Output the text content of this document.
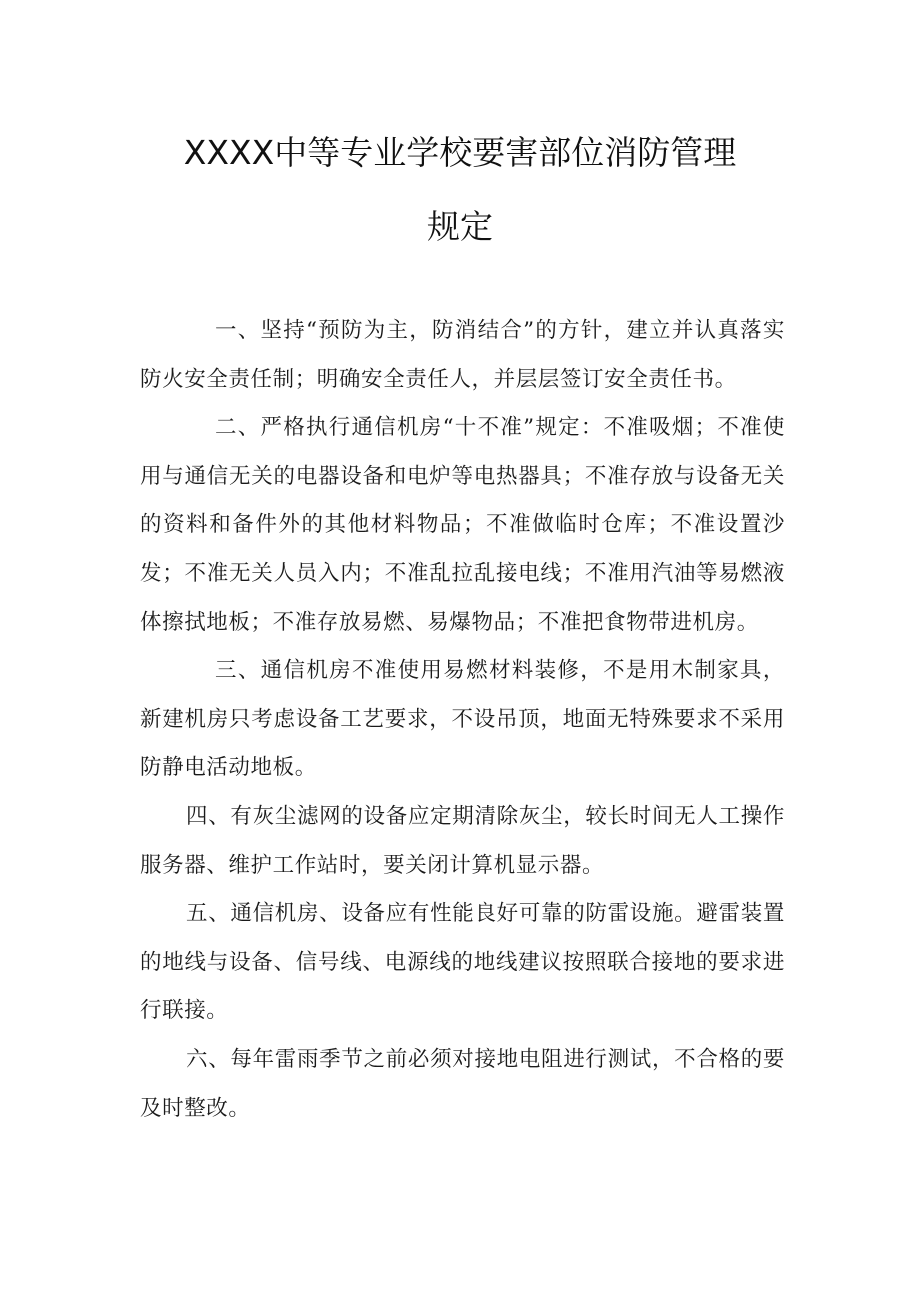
XXXX中等专业学校要害部位消防管理
规定

一、坚持“预防为主，防消结合”的方针，建立并认真落实防火安全责任制；明确安全责任人，并层层签订安全责任书。

二、严格执行通信机房“十不准”规定：不准吸烟；不准使用与通信无关的电器设备和电炉等电热器具；不准存放与设备无关的资料和备件外的其他材料物品；不准做临时仓库；不准设置沙发；不准无关人员入内；不准乱拉乱接电线；不准用汽油等易燃液体擦拭地板；不准存放易燃、易爆物品；不准把食物带进机房。

三、通信机房不准使用易燃材料装修，不是用木制家具，新建机房只考虑设备工艺要求，不设吊顶，地面无特殊要求不采用防静电活动地板。

四、有灰尘滤网的设备应定期清除灰尘，较长时间无人工操作服务器、维护工作站时，要关闭计算机显示器。

五、通信机房、设备应有性能良好可靠的防雷设施。避雷装置的地线与设备、信号线、电源线的地线建议按照联合接地的要求进行联接。

六、每年雷雨季节之前必须对接地电阻进行测试，不合格的要及时整改。
